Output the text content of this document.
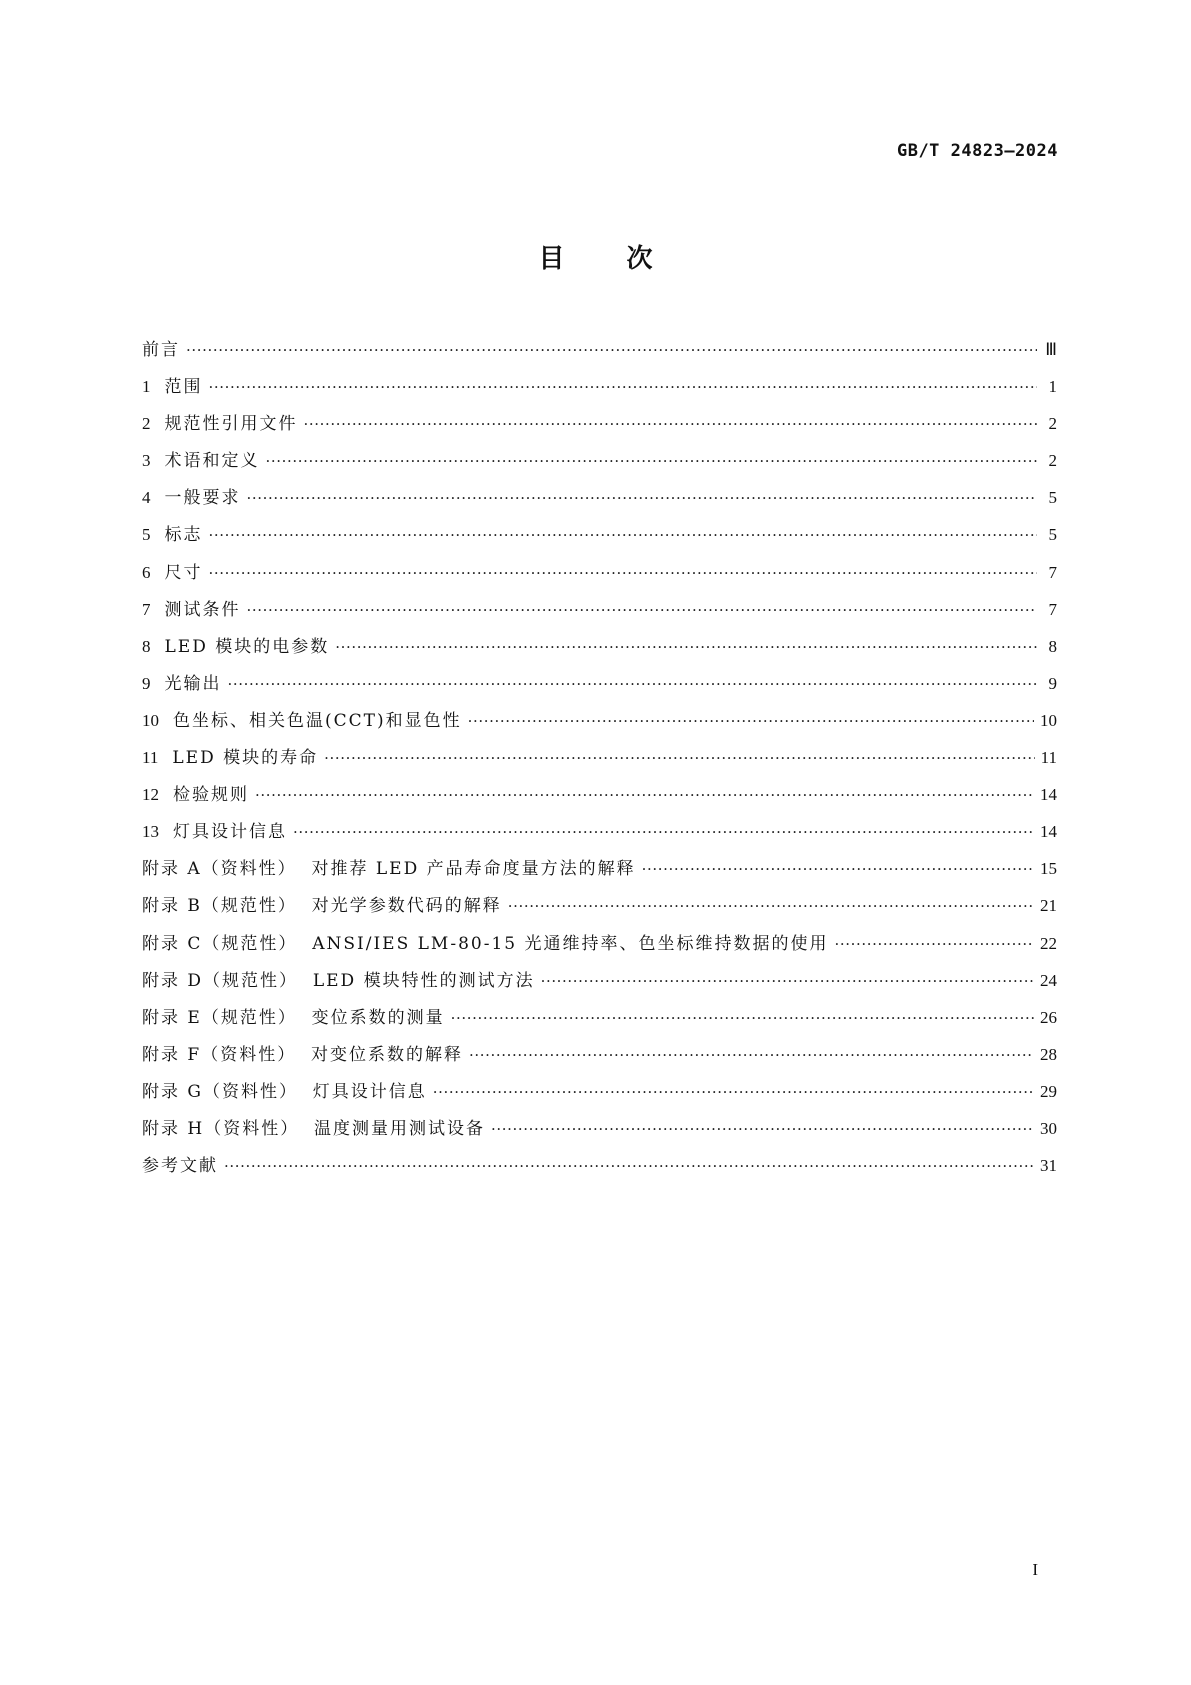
GB/T 24823—2024
目次
前言 ·····	Ⅲ
1 范围 ·····	1
2 规范性引用文件 ·····	2
3 术语和定义 ·····	2
4 一般要求 ·····	5
5 标志 ·····	5
6 尺寸 ·····	7
7 测试条件 ·····	7
8 LED 模块的电参数 ·····	8
9 光输出 ·····	9
10 色坐标、相关色温(CCT)和显色性 ·····	10
11 LED 模块的寿命 ·····	11
12 检验规则 ·····	14
13 灯具设计信息 ·····	14
附录 A（资料性）  对推荐 LED 产品寿命度量方法的解释 ·····	15
附录 B（规范性）  对光学参数代码的解释 ·····	21
附录 C（规范性）  ANSI/IES LM-80-15 光通维持率、色坐标维持数据的使用 ·····	22
附录 D（规范性）  LED 模块特性的测试方法 ·····	24
附录 E（规范性）  变位系数的测量 ·····	26
附录 F（资料性）  对变位系数的解释 ·····	28
附录 G（资料性）  灯具设计信息 ·····	29
附录 H（资料性）  温度测量用测试设备 ·····	30
参考文献 ·····	31
I
